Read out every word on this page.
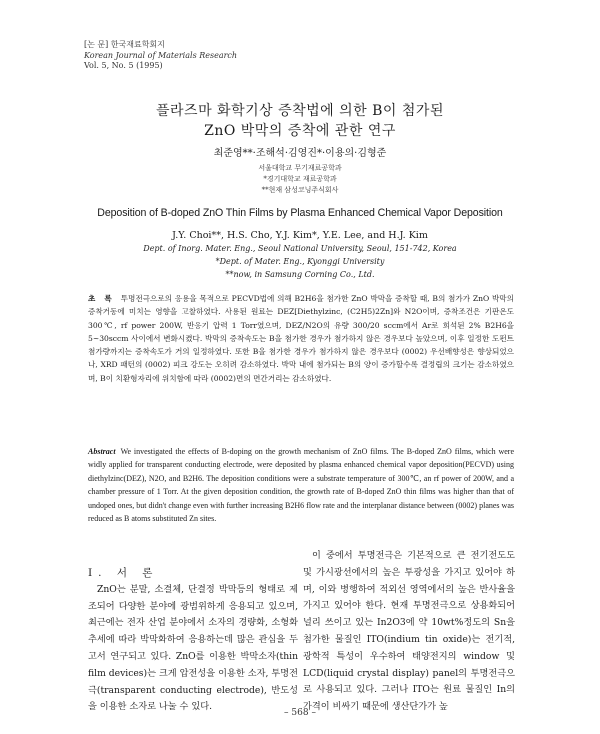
[논 문] 한국재료학회지
Korean Journal of Materials Research
Vol. 5, No. 5 (1995)
플라즈마 화학기상 증착법에 의한 B이 첨가된
ZnO 박막의 증착에 관한 연구
최준영**·조해석·김영진*·이용의·김형준
서울대학교 무기재료공학과
*경기대학교 재료공학과
**현재 삼성코닝주식회사
Deposition of B-doped ZnO Thin Films by Plasma Enhanced Chemical Vapor Deposition
J.Y. Choi**, H.S. Cho, Y.J. Kim*, Y.E. Lee, and H.J. Kim
Dept. of Inorg. Mater. Eng., Seoul National University, Seoul, 151-742, Korea
*Dept. of Mater. Eng., Kyonggi University
**now, in Samsung Corning Co., Ltd.
초 록 투명전극으로의 응용을 목적으로 PECVD법에 의해 B2H6을 첨가한 ZnO 박막을 증착할 때, B의 첨가가 ZnO 박막의 증착거동에 미치는 영향을 고찰하였다. 사용된 원료는 DEZ[Diethylzinc, (C2H5)2Zn]와 N2O이며, 증착조건은 기판온도 300℃, rf power 200W, 반응기 압력 1 Torr였으며, DEZ/N2O의 유량 300/20 sccm에서 Ar로 희석된 2% B2H6을 5~30sccm 사이에서 변화시켰다. 박막의 증착속도는 B을 첨가한 경우가 첨가하지 않은 경우보다 높았으며, 이후 일정한 도펀트 첨가량까지는 증착속도가 거의 일정하였다. 또한 B을 첨가한 경우가 첨가하지 않은 경우보다 (0002) 우선배향성은 향상되었으나, XRD 패턴의 (0002) 피크 강도는 오히려 감소하였다. 박막 내에 첨가되는 B의 양이 증가할수록 결정립의 크기는 감소하였으며, B이 치환형자리에 위치함에 따라 (0002)면의 면간거리는 감소하였다.
Abstract We investigated the effects of B-doping on the growth mechanism of ZnO films. The B-doped ZnO films, which were widly applied for transparent conducting electrode, were deposited by plasma enhanced chemical vapor deposition(PECVD) using diethylzinc(DEZ), N2O, and B2H6. The deposition conditions were a substrate temperature of 300℃, an rf power of 200W, and a chamber pressure of 1 Torr. At the given deposition condition, the growth rate of B-doped ZnO thin films was higher than that of undoped ones, but didn't change even with further increasing B2H6 flow rate and the interplanar distance between (0002) planes was reduced as B atoms substituted Zn sites.
I. 서 론

ZnO는 분말, 소결체, 단결정 박막등의 형태로 제조되어 다양한 분야에 광범위하게 응용되고 있으며, 최근에는 전자 산업 분야에서 소자의 경량화, 소형화 추세에 따라 박막화하여 응용하는데 많은 관심을 두고서 연구되고 있다. ZnO를 이용한 박막소자(thin film devices)는 크게 압전성을 이용한 소자, 투명전극(transparent conducting electrode), 반도성을 이용한 소자로 나눌 수 있다.

이 중에서 투명전극은 기본적으로 큰 전기전도도 및 가시광선에서의 높은 투광성을 가지고 있어야 하며, 이와 병행하여 적외선 영역에서의 높은 반사율을 가지고 있어야 한다. 현재 투명전극으로 상용화되어 널리 쓰이고 있는 In2O3에 약 10wt%정도의 Sn을 첨가한 물질인 ITO(indium tin oxide)는 전기적, 광학적 특성이 우수하여 태양전지의 window 및 LCD(liquid crystal display) panel의 투명전극으로 사용되고 있다. 그러나 ITO는 원료 물질인 In의 가격이 비싸기 때문에 생산단가가 높

– 568 –
